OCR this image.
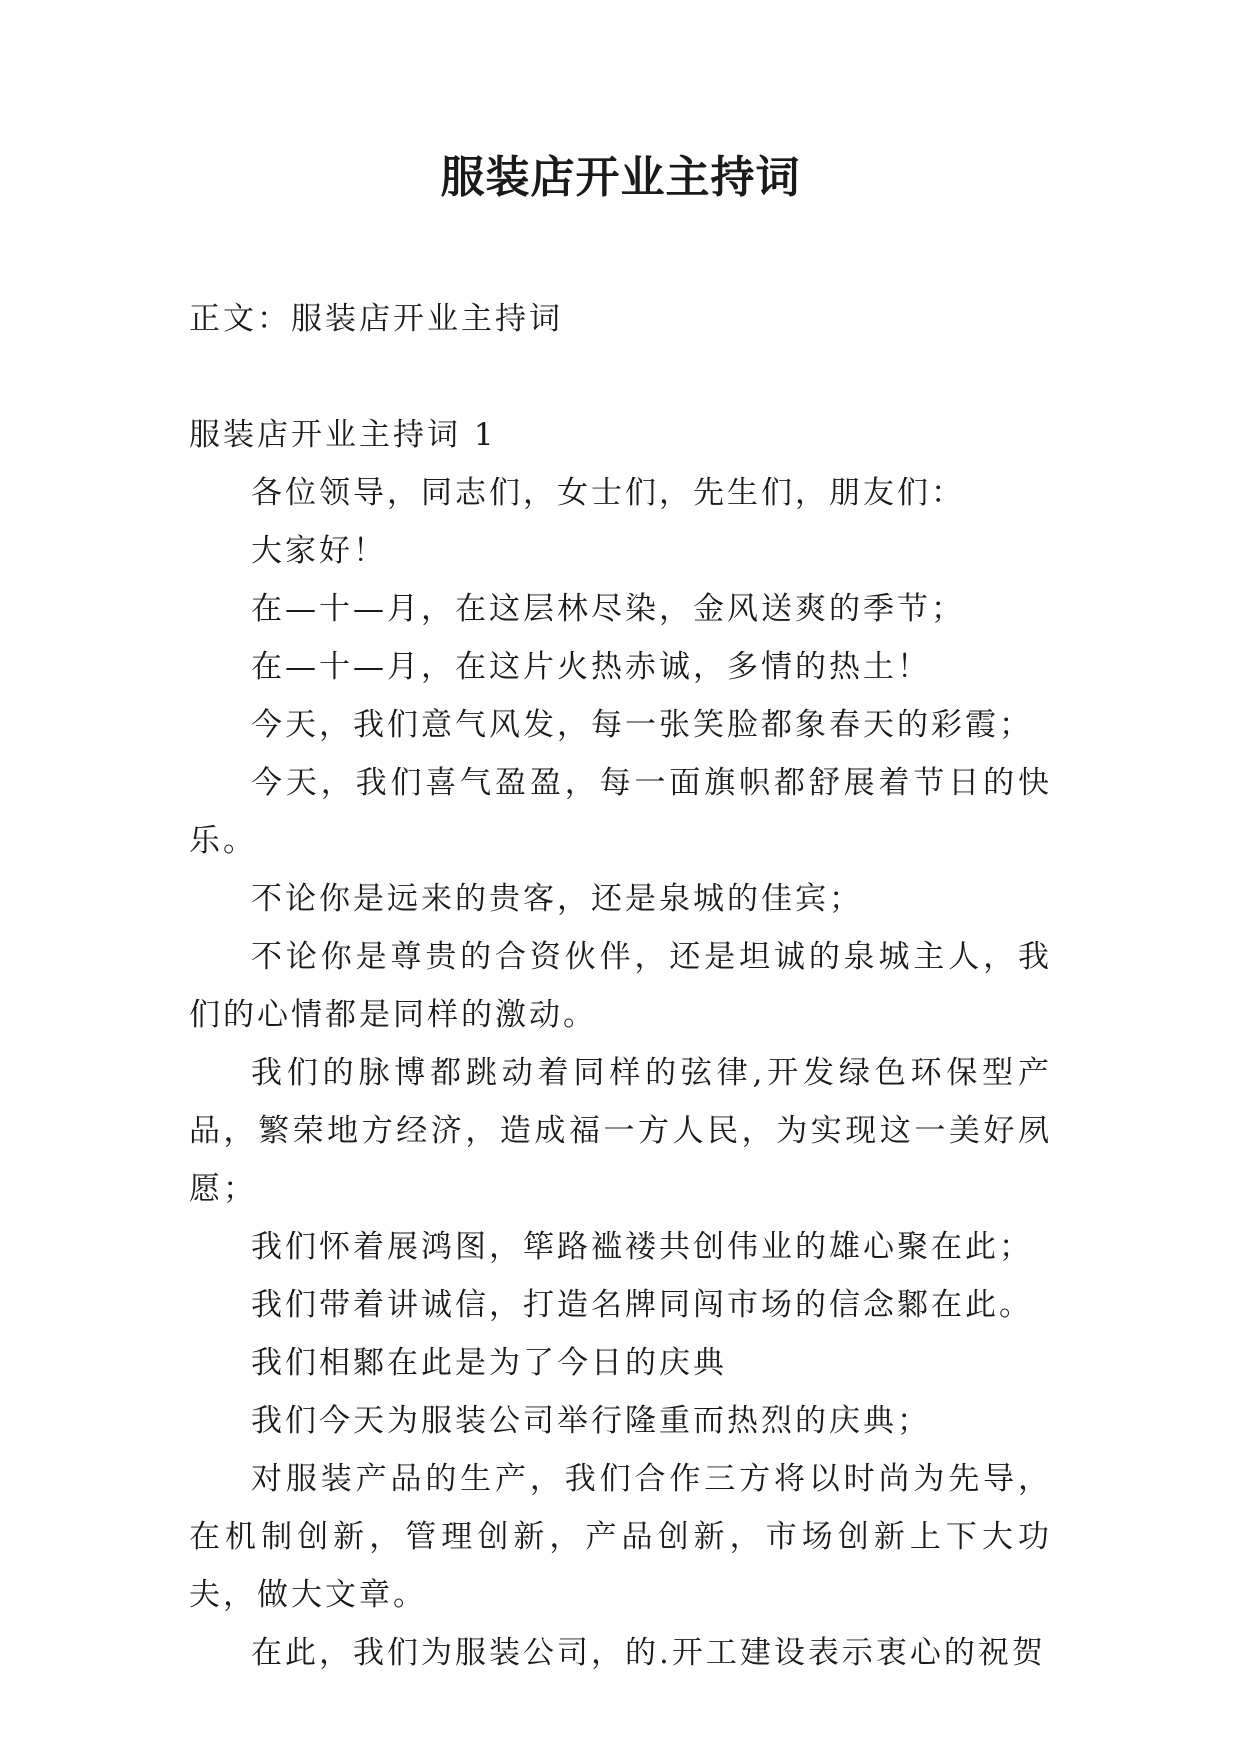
服装店开业主持词

正文：服装店开业主持词

服装店开业主持词 1

各位领导，同志们，女士们，先生们，朋友们：

大家好！

在—十—月，在这层林尽染，金风送爽的季节；

在—十—月，在这片火热赤诚，多情的热土！

今天，我们意气风发，每一张笑脸都象春天的彩霞；

今天，我们喜气盈盈，每一面旗帜都舒展着节日的快乐。

不论你是远来的贵客，还是泉城的佳宾；

不论你是尊贵的合资伙伴，还是坦诚的泉城主人，我们的心情都是同样的激动。

我们的脉博都跳动着同样的弦律,开发绿色环保型产品，繁荣地方经济，造成福一方人民，为实现这一美好夙愿；

我们怀着展鸿图，筚路褴褛共创伟业的雄心聚在此；

我们带着讲诚信，打造名牌同闯市场的信念鄹在此。

我们相鄹在此是为了今日的庆典

我们今天为服装公司举行隆重而热烈的庆典；

对服装产品的生产，我们合作三方将以时尚为先导，在机制创新，管理创新，产品创新，市场创新上下大功夫，做大文章。

在此，我们为服装公司，的.开工建设表示衷心的祝贺
